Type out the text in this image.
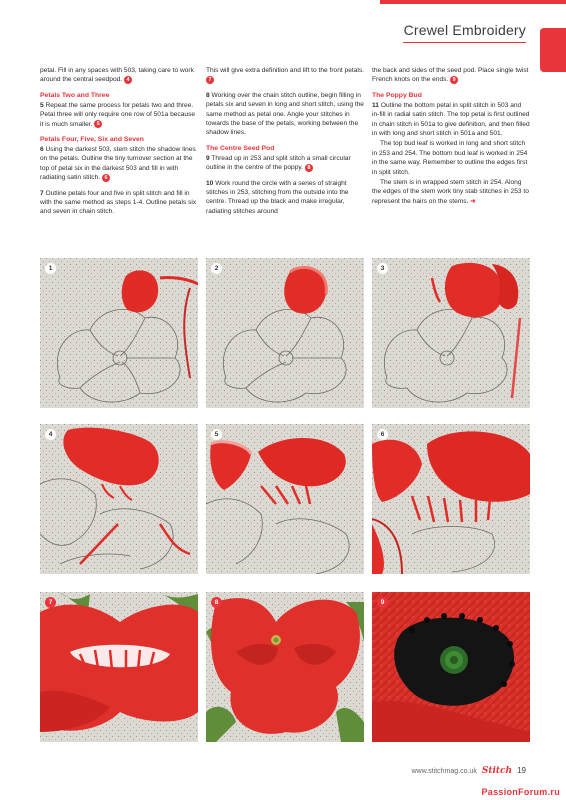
Crewel Embroidery

petal. Fill in any spaces with 503, taking care to work around the central seedpod. 4

Petals Two and Three

5 Repeat the same process for petals two and three. Petal three will only require one row of 501a because it is much smaller. 5

Petals Four, Five, Six and Seven

6 Using the darkest 503, stem stitch the shadow lines on the petals. Outline the tiny turnover section at the top of petal six in the darkest 503 and fill in with radiating satin stitch. 6

7 Outline petals four and five in split stitch and fill in with the same method as steps 1-4. Outline petals six and seven in chain stitch.

This will give extra definition and lift to the front petals. 7

8 Working over the chain stitch outline, begin filling in petals six and seven in long and short stitch, using the same method as petal one. Angle your stitches in towards the base of the petals, working between the shadow lines.

The Centre Seed Pod

9 Thread up in 253 and split stitch a small circular outline in the centre of the poppy. 8

10 Work round the circle with a series of straight stitches in 253, stitching from the outside into the centre. Thread up the black and make irregular, radiating stitches around

the back and sides of the seed pod. Place single twist French knots on the ends. 9

The Poppy Bud

11 Outline the bottom petal in split stitch in 503 and in-fill in radial satin stitch. The top petal is first outlined in chain stitch in 501a to give definition, and then filled in with long and short stitch in 501a and 501.

The top bud leaf is worked in long and short stitch in 253 and 254. The bottom bud leaf is worked in 254 in the same way. Remember to outline the edges first in split stitch.

The stem is in wrapped stem stitch in 254. Along the edges of the stem work tiny stab stitches in 253 to represent the hairs on the stems. ➜

1	2	3
4	5	6
7	8	9
www.stitchmag.co.uk Stitch 19
PassionForum.ru
